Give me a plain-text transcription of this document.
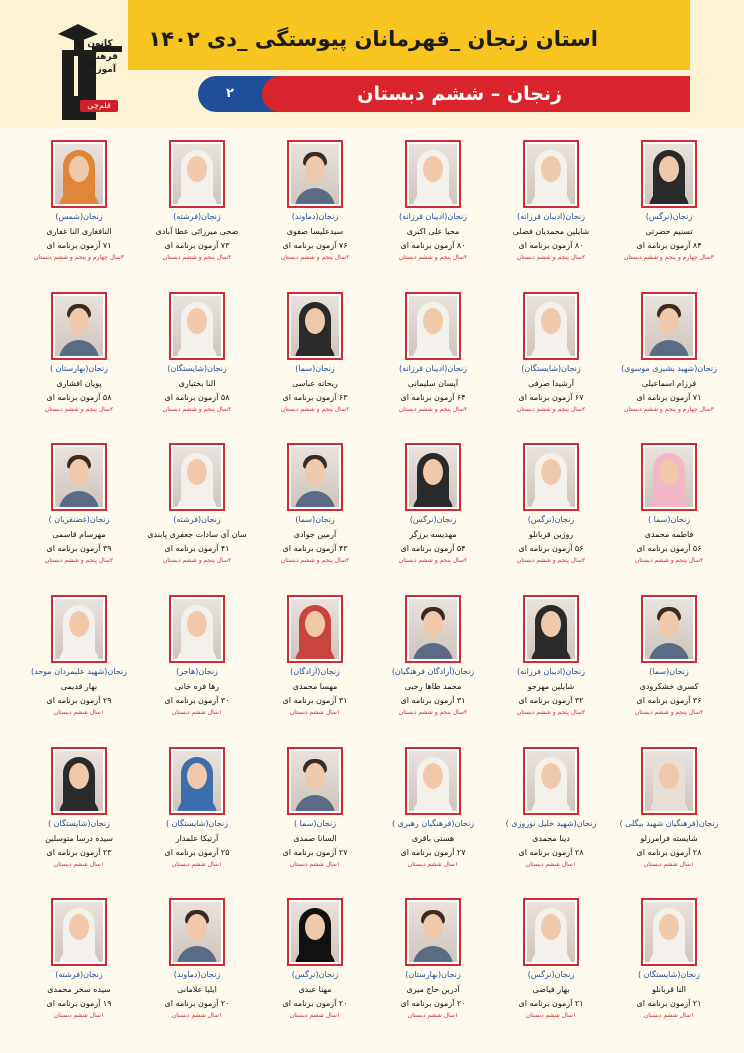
کانون
فرهنگی
آموزش
قلم‌چی
استان زنجان _قهرمانان پیوستگی _دی ۱۴۰۲
۲	زنجان – ششم دبستان
زنجان(نرگس)
تسنیم حضرتی
۸۴ آزمون برنامه ای
۳سال چهارم و پنجم و ششم دبستان
زنجان(ادیبان فرزانه)
شایلین محمدیان فضلی
۸۰ آزمون برنامه ای
۲سال پنجم و ششم دبستان
زنجان(ادیبان فرزانه)
محیا علی اکبری
۸۰ آزمون برنامه ای
۲سال پنجم و ششم دبستان
زنجان(دماوند)
سیدعلیسا صفوی
۷۶ آزمون برنامه ای
۲سال پنجم و ششم دبستان
زنجان(فرشته)
ضحی میرزائی عطا آبادی
۷۳ آزمون برنامه ای
۲سال پنجم و ششم دبستان
زنجان(شمس)
النافغاری النا غفاری
۷۱ آزمون برنامه ای
۳سال چهارم و پنجم و ششم دبستان
زنجان(شهید بشیری موسوی)
فرزام اسماعیلی
۷۱ آزمون برنامه ای
۳سال چهارم و پنجم و ششم دبستان
زنجان(شایستگان)
آرشیدا صرفی
۶۷ آزمون برنامه ای
۲سال پنجم و ششم دبستان
زنجان(ادیبان فرزانه)
آیسان سلیمانی
۶۴ آزمون برنامه ای
۲سال پنجم و ششم دبستان
زنجان(سما)
ریحانه عباسی
۶۳ آزمون برنامه ای
۲سال پنجم و ششم دبستان
زنجان(شایستگان)
النا بختیاری
۵۸ آزمون برنامه ای
۲سال پنجم و ششم دبستان
زنجان(بهارستان )
پویان افشاری
۵۸ آزمون برنامه ای
۲سال پنجم و ششم دبستان
زنجان(سما )
فاطمه محمدی
۵۶ آزمون برنامه ای
۲سال پنجم و ششم دبستان
زنجان(نرگس)
روژین قربانلو
۵۶ آزمون برنامه ای
۲سال پنجم و ششم دبستان
زنجان(نرگس)
مهدیسه برزگر
۵۴ آزمون برنامه ای
۲سال پنجم و ششم دبستان
زنجان(سما)
آرمین جوادی
۴۳ آزمون برنامه ای
۲سال پنجم و ششم دبستان
زنجان(فرشته)
سان آی سادات جعفری پابندی
۴۱ آزمون برنامه ای
۲سال پنجم و ششم دبستان
زنجان(غضنفریان )
مهرسام قاسمی
۳۹ آزمون برنامه ای
۲سال پنجم و ششم دبستان
زنجان(سما)
کسری خشکرودی
۳۶ آزمون برنامه ای
۲سال پنجم و ششم دبستان
زنجان(ادیبان فرزانه)
شایلین مهرجو
۳۲ آزمون برنامه ای
۲سال پنجم و ششم دبستان
زنجان(آزادگان فرهنگیان)
محمد طاها رجبی
۳۱ آزمون برنامه ای
۲سال پنجم و ششم دبستان
زنجان(آزادگان)
مهسا محمدی
۳۱ آزمون برنامه ای
۱سال ششم دبستان
زنجان(هاجر)
رها فره خانی
۳۰ آزمون برنامه ای
۱سال ششم دبستان
زنجان(شهید علیمردان موحد)
بهار قدیمی
۲۹ آزمون برنامه ای
۱سال ششم دبستان
زنجان(فرهنگیان شهید بیگلی )
شایسته فرامرزلو
۲۸ آزمون برنامه ای
۱سال ششم دبستان
زنجان(شهید خلیل نوروزی )
دینا محمدی
۲۸ آزمون برنامه ای
۱سال ششم دبستان
زنجان(فرهنگیان رهبری )
هستی باقری
۲۷ آزمون برنامه ای
۱سال ششم دبستان
زنجان(سما )
السانا صمدی
۲۷ آزمون برنامه ای
۱سال ششم دبستان
زنجان(شایستگان )
آرتیکا علمدار
۲۵ آزمون برنامه ای
۱سال ششم دبستان
زنجان(شایستگان )
سیده درسا متوسلین
۲۳ آزمون برنامه ای
۱سال ششم دبستان
زنجان(شایستگان )
النا قربانلو
۲۱ آزمون برنامه ای
۱سال ششم دبستان
زنجان(نرگس)
بهار فیاضی
۲۱ آزمون برنامه ای
۱سال ششم دبستان
زنجان(بهارستان)
آدرین حاج میری
۲۰ آزمون برنامه ای
۱سال ششم دبستان
زنجان(نرگس)
مهنا عبدی
۲۰ آزمون برنامه ای
۱سال ششم دبستان
زنجان(دماوند)
ایلیا علامانی
۲۰ آزمون برنامه ای
۱سال ششم دبستان
زنجان(فرشته)
سیده سحر محمدی
۱۹ آزمون برنامه ای
۱سال ششم دبستان
